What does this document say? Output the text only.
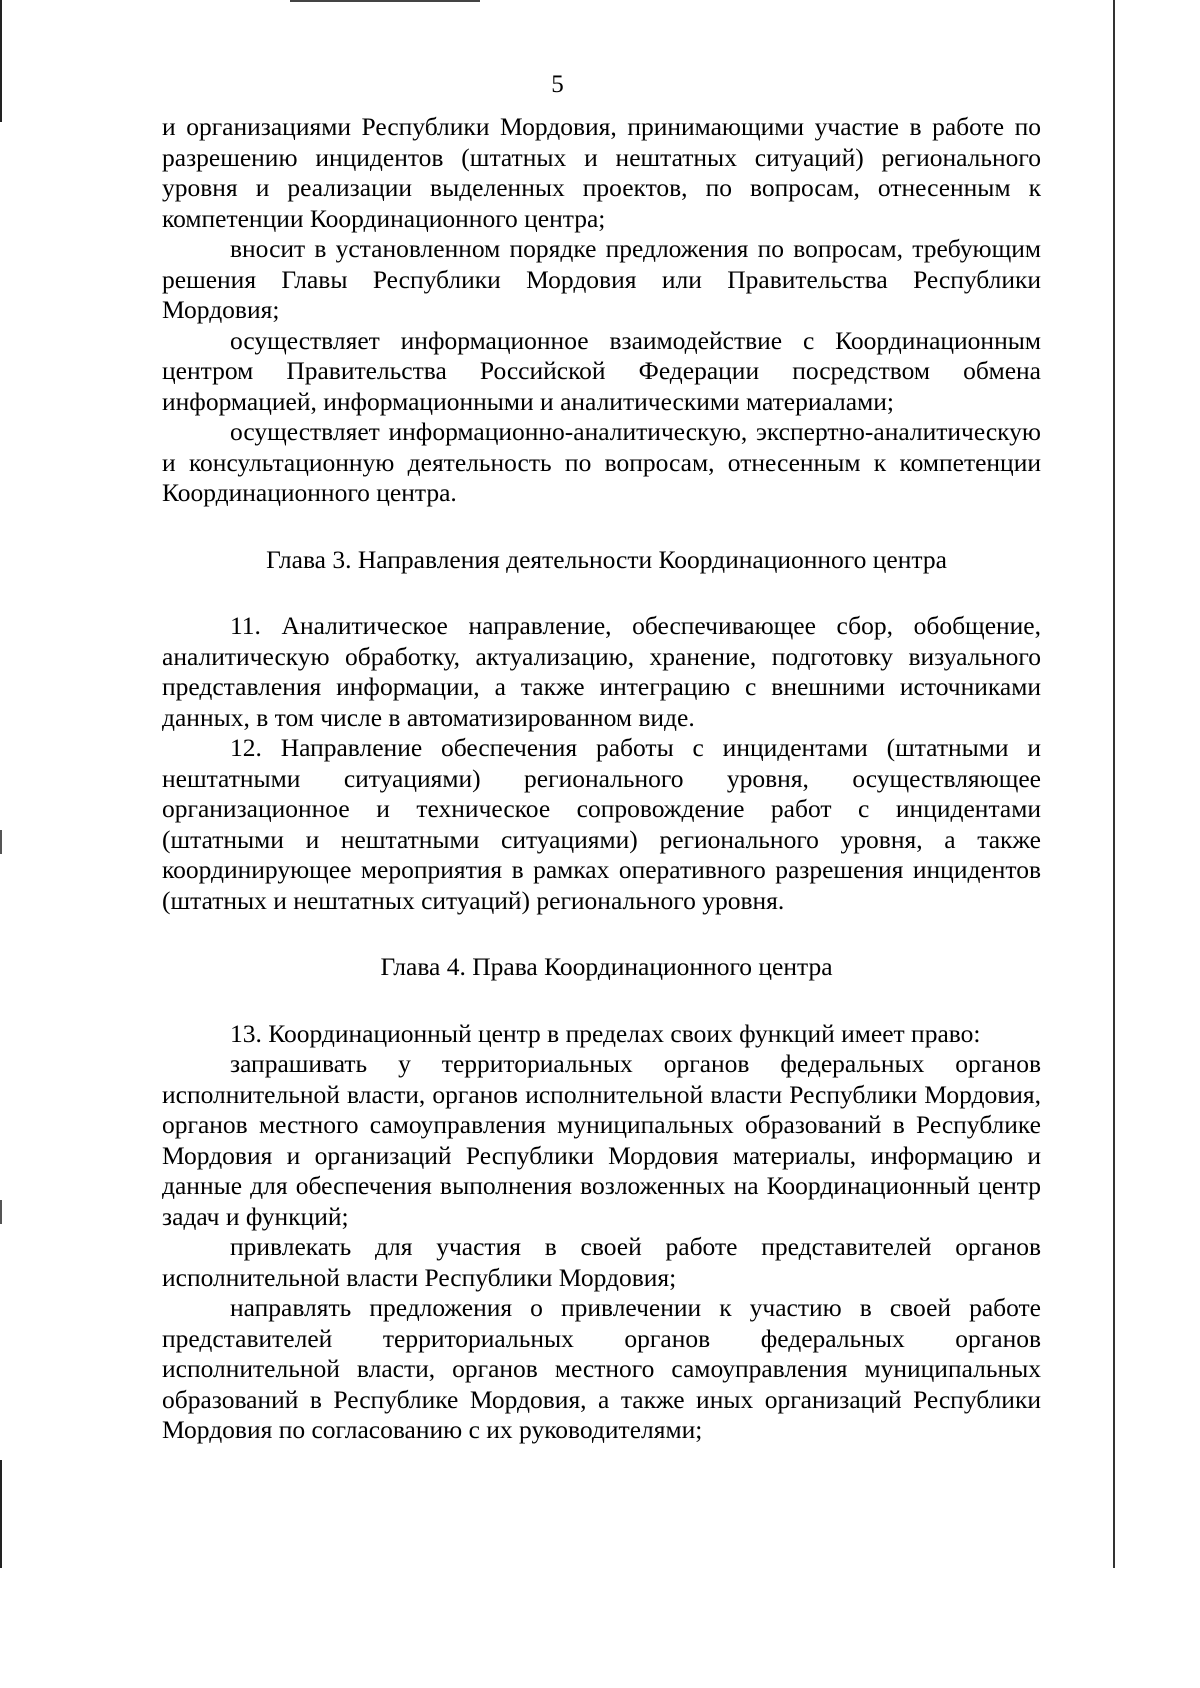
5

и организациями Республики Мордовия, принимающими участие в работе по разрешению инцидентов (штатных и нештатных ситуаций) регионального уровня и реализации выделенных проектов, по вопросам, отнесенным к компетенции Координационного центра;

вносит в установленном порядке предложения по вопросам, требующим решения Главы Республики Мордовия или Правительства Республики Мордовия;

осуществляет информационное взаимодействие с Координационным центром Правительства Российской Федерации посредством обмена информацией, информационными и аналитическими материалами;

осуществляет информационно-аналитическую, экспертно-аналитическую и консультационную деятельность по вопросам, отнесенным к компетенции Координационного центра.

Глава 3. Направления деятельности Координационного центра

11. Аналитическое направление, обеспечивающее сбор, обобщение, аналитическую обработку, актуализацию, хранение, подготовку визуального представления информации, а также интеграцию с внешними источниками данных, в том числе в автоматизированном виде.

12. Направление обеспечения работы с инцидентами (штатными и нештатными ситуациями) регионального уровня, осуществляющее организационное и техническое сопровождение работ с инцидентами (штатными и нештатными ситуациями) регионального уровня, а также координирующее мероприятия в рамках оперативного разрешения инцидентов (штатных и нештатных ситуаций) регионального уровня.

Глава 4. Права Координационного центра

13. Координационный центр в пределах своих функций имеет право:

запрашивать у территориальных органов федеральных органов исполнительной власти, органов исполнительной власти Республики Мордовия, органов местного самоуправления муниципальных образований в Республике Мордовия и организаций Республики Мордовия материалы, информацию и данные для обеспечения выполнения возложенных на Координационный центр задач и функций;

привлекать для участия в своей работе представителей органов исполнительной власти Республики Мордовия;

направлять предложения о привлечении к участию в своей работе представителей территориальных органов федеральных органов исполнительной власти, органов местного самоуправления муниципальных образований в Республике Мордовия, а также иных организаций Республики Мордовия по согласованию с их руководителями;
